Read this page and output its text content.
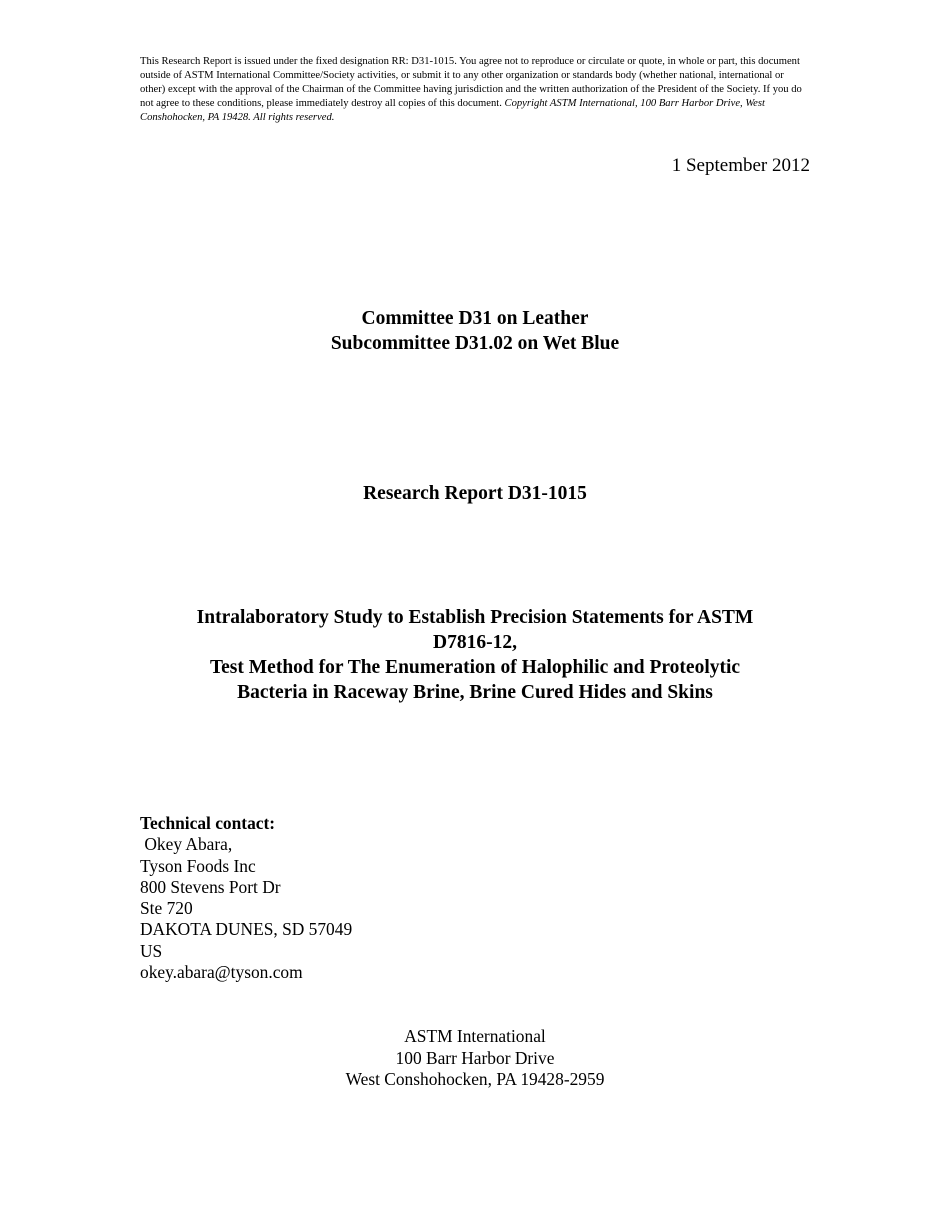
This Research Report is issued under the fixed designation RR: D31-1015. You agree not to reproduce or circulate or quote, in whole or part, this document outside of ASTM International Committee/Society activities, or submit it to any other organization or standards body (whether national, international or other) except with the approval of the Chairman of the Committee having jurisdiction and the written authorization of the President of the Society. If you do not agree to these conditions, please immediately destroy all copies of this document. Copyright ASTM International, 100 Barr Harbor Drive, West Conshohocken, PA 19428. All rights reserved.

1 September 2012

Committee D31 on Leather
Subcommittee D31.02 on Wet Blue
Research Report D31-1015
Intralaboratory Study to Establish Precision Statements for ASTM
D7816-12,
Test Method for The Enumeration of Halophilic and Proteolytic
Bacteria in Raceway Brine, Brine Cured Hides and Skins
Technical contact:
Okey Abara,
Tyson Foods Inc
800 Stevens Port Dr
Ste 720
DAKOTA DUNES, SD 57049
US
okey.abara@tyson.com
ASTM International
100 Barr Harbor Drive
West Conshohocken, PA 19428-2959
